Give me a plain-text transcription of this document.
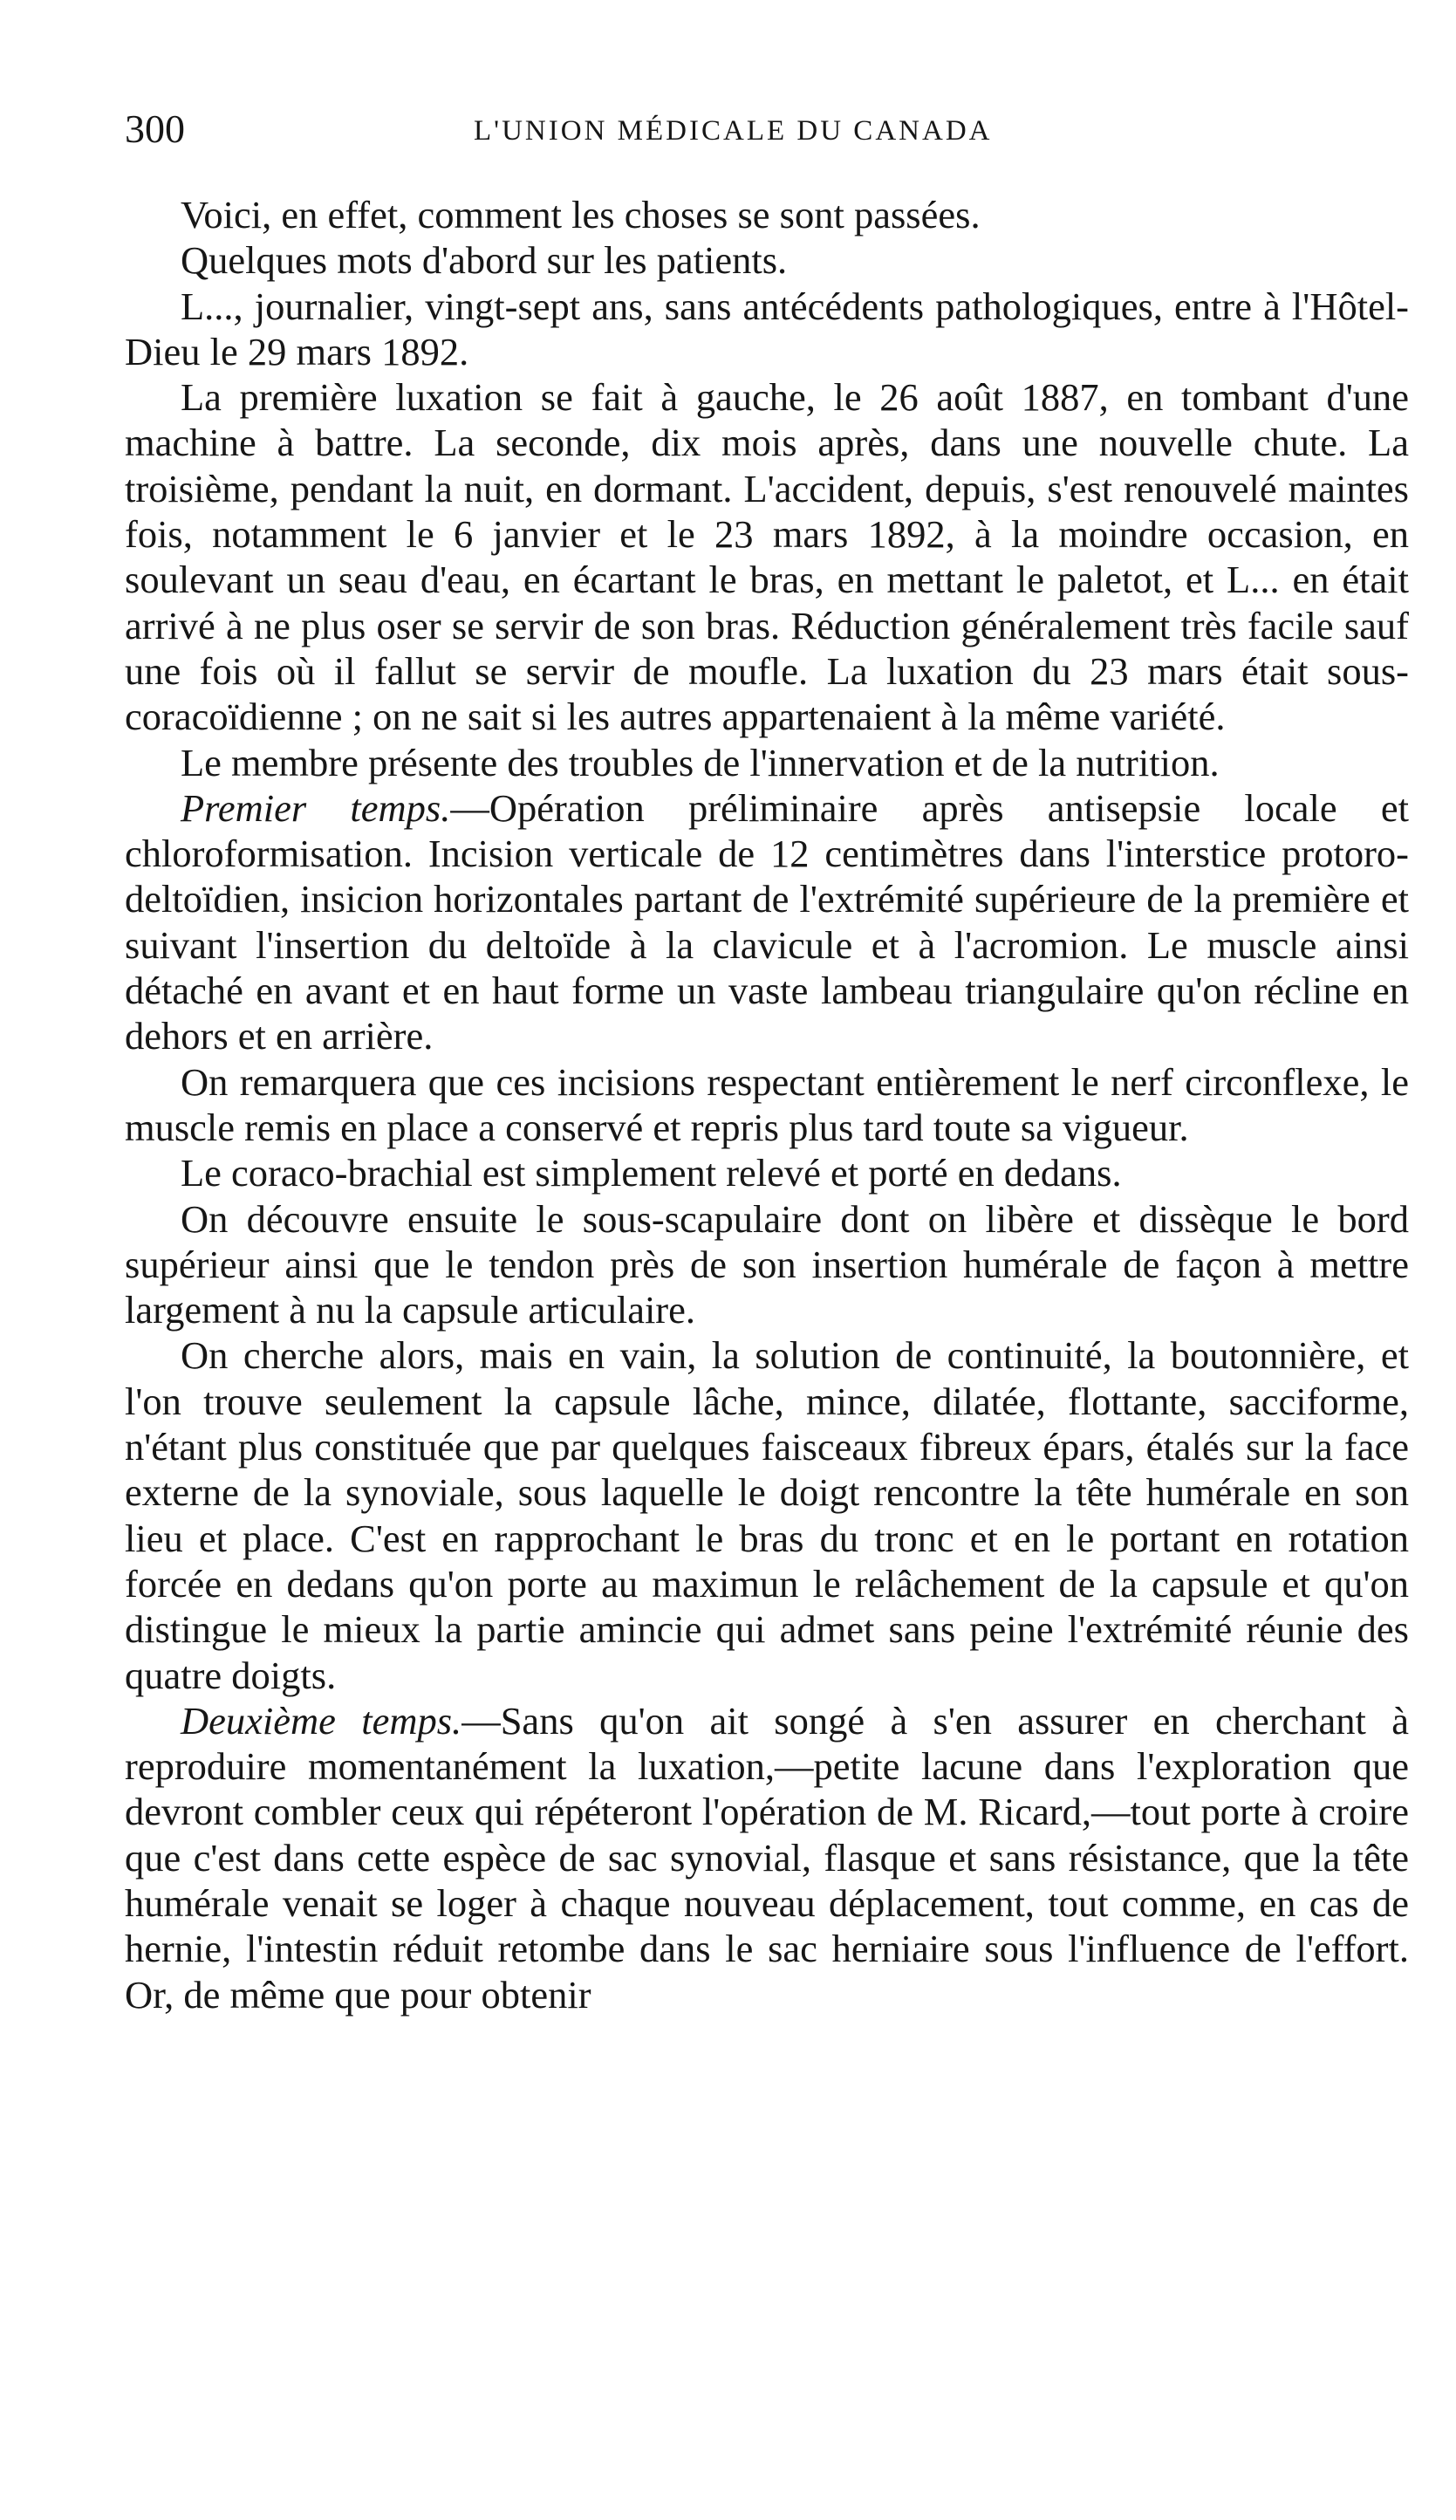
300	L'UNION MÉDICALE DU CANADA

Voici, en effet, comment les choses se sont passées.

Quelques mots d'abord sur les patients.

L..., journalier, vingt-sept ans, sans antécédents pathologiques, entre à l'Hôtel-Dieu le 29 mars 1892.

La première luxation se fait à gauche, le 26 août 1887, en tombant d'une machine à battre. La seconde, dix mois après, dans une nouvelle chute. La troisième, pendant la nuit, en dormant. L'accident, depuis, s'est renouvelé maintes fois, notamment le 6 janvier et le 23 mars 1892, à la moindre occasion, en soulevant un seau d'eau, en écartant le bras, en mettant le paletot, et L... en était arrivé à ne plus oser se servir de son bras. Réduction généralement très facile sauf une fois où il fallut se servir de moufle. La luxation du 23 mars était sous-coracoïdienne ; on ne sait si les autres appartenaient à la même variété.

Le membre présente des troubles de l'innervation et de la nutrition.

Premier temps.—Opération préliminaire après antisepsie locale et chloroformisation. Incision verticale de 12 centimètres dans l'interstice protoro-deltoïdien, insicion horizontales partant de l'extrémité supérieure de la première et suivant l'insertion du deltoïde à la clavicule et à l'acromion. Le muscle ainsi détaché en avant et en haut forme un vaste lambeau triangulaire qu'on récline en dehors et en arrière.

On remarquera que ces incisions respectant entièrement le nerf circonflexe, le muscle remis en place a conservé et repris plus tard toute sa vigueur.

Le coraco-brachial est simplement relevé et porté en dedans.

On découvre ensuite le sous-scapulaire dont on libère et dissèque le bord supérieur ainsi que le tendon près de son insertion humérale de façon à mettre largement à nu la capsule articulaire.

On cherche alors, mais en vain, la solution de continuité, la boutonnière, et l'on trouve seulement la capsule lâche, mince, dilatée, flottante, sacciforme, n'étant plus constituée que par quelques faisceaux fibreux épars, étalés sur la face externe de la synoviale, sous laquelle le doigt rencontre la tête humérale en son lieu et place. C'est en rapprochant le bras du tronc et en le portant en rotation forcée en dedans qu'on porte au maximun le relâchement de la capsule et qu'on distingue le mieux la partie amincie qui admet sans peine l'extrémité réunie des quatre doigts.

Deuxième temps.—Sans qu'on ait songé à s'en assurer en cherchant à reproduire momentanément la luxation,—petite lacune dans l'exploration que devront combler ceux qui répéteront l'opération de M. Ricard,—tout porte à croire que c'est dans cette espèce de sac synovial, flasque et sans résistance, que la tête humérale venait se loger à chaque nouveau déplacement, tout comme, en cas de hernie, l'intestin réduit retombe dans le sac herniaire sous l'influence de l'effort. Or, de même que pour obtenir
